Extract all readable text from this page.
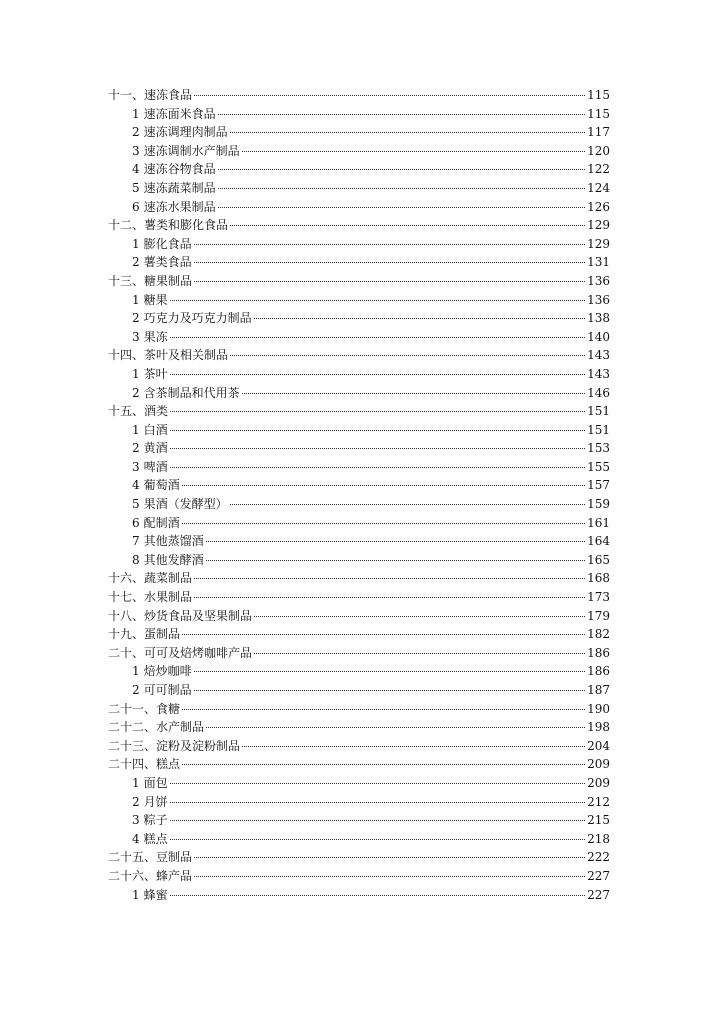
十一、速冻食品	115
1 速冻面米食品	115
2 速冻调理肉制品	117
3 速冻调制水产制品	120
4 速冻谷物食品	122
5 速冻蔬菜制品	124
6 速冻水果制品	126
十二、薯类和膨化食品	129
1 膨化食品	129
2 薯类食品	131
十三、糖果制品	136
1 糖果	136
2 巧克力及巧克力制品	138
3 果冻	140
十四、茶叶及相关制品	143
1 茶叶	143
2 含茶制品和代用茶	146
十五、酒类	151
1 白酒	151
2 黄酒	153
3 啤酒	155
4 葡萄酒	157
5 果酒（发酵型）	159
6 配制酒	161
7 其他蒸馏酒	164
8 其他发酵酒	165
十六、蔬菜制品	168
十七、水果制品	173
十八、炒货食品及坚果制品	179
十九、蛋制品	182
二十、可可及焙烤咖啡产品	186
1 焙炒咖啡	186
2 可可制品	187
二十一、食糖	190
二十二、水产制品	198
二十三、淀粉及淀粉制品	204
二十四、糕点	209
1 面包	209
2 月饼	212
3 粽子	215
4 糕点	218
二十五、豆制品	222
二十六、蜂产品	227
1 蜂蜜	227
